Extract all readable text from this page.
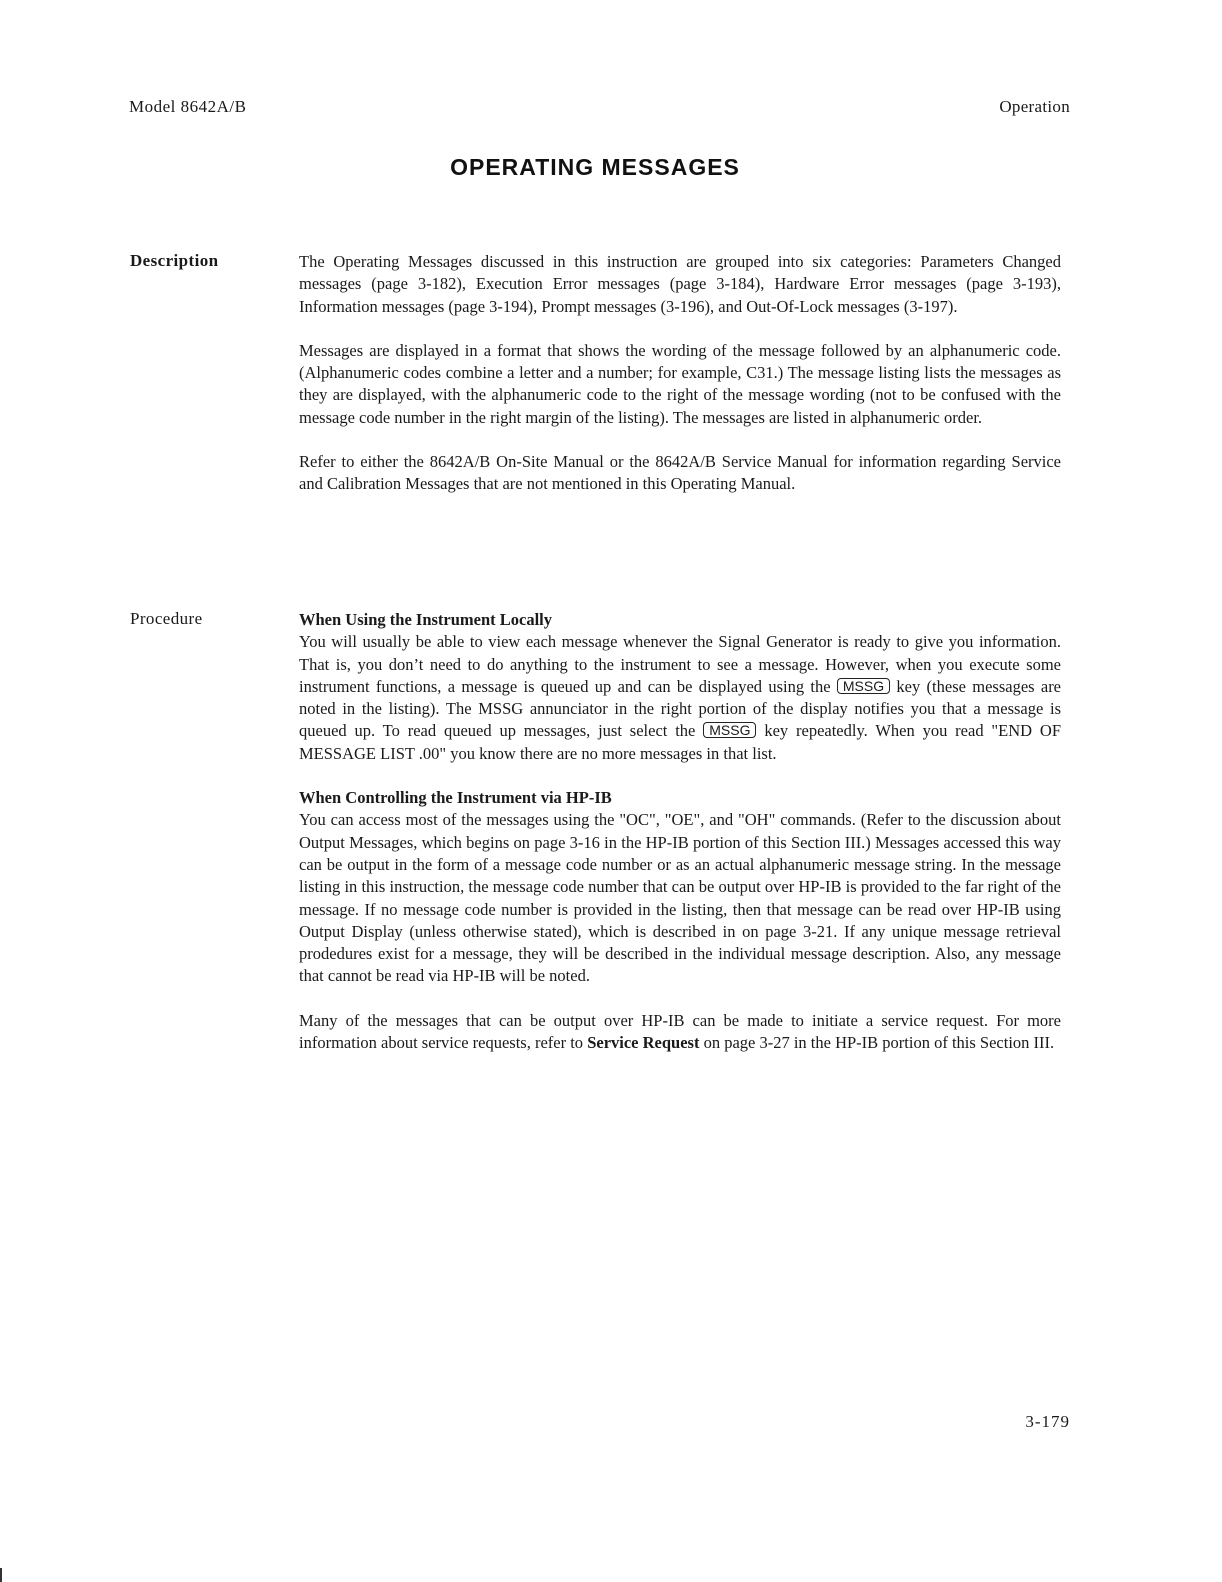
Model 8642A/B	Operation
OPERATING MESSAGES
Description	The Operating Messages discussed in this instruction are grouped into six categories: Parameters Changed messages (page 3-182), Execution Error messages (page 3-184), Hardware Error messages (page 3-193), Information messages (page 3-194), Prompt messages (3-196), and Out-Of-Lock messages (3-197).

Messages are displayed in a format that shows the wording of the message followed by an alphanumeric code. (Alphanumeric codes combine a letter and a number; for example, C31.) The message listing lists the messages as they are displayed, with the alphanumeric code to the right of the message wording (not to be confused with the message code number in the right margin of the listing). The messages are listed in alphanumeric order.

Refer to either the 8642A/B On-Site Manual or the 8642A/B Service Manual for information regarding Service and Calibration Messages that are not mentioned in this Operating Manual.

Procedure	When Using the Instrument Locally

You will usually be able to view each message whenever the Signal Generator is ready to give you information. That is, you don’t need to do anything to the instrument to see a message. However, when you execute some instrument functions, a message is queued up and can be displayed using the MSSG key (these messages are noted in the listing). The MSSG annunciator in the right portion of the display notifies you that a message is queued up. To read queued up messages, just select the MSSG key repeatedly. When you read "END OF MESSAGE LIST .00" you know there are no more messages in that list.

When Controlling the Instrument via HP-IB

You can access most of the messages using the "OC", "OE", and "OH" commands. (Refer to the discussion about Output Messages, which begins on page 3-16 in the HP-IB portion of this Section III.) Messages accessed this way can be output in the form of a message code number or as an actual alphanumeric message string. In the message listing in this instruction, the message code number that can be output over HP-IB is provided to the far right of the message. If no message code number is provided in the listing, then that message can be read over HP-IB using Output Display (unless otherwise stated), which is described in on page 3-21. If any unique message retrieval prodedures exist for a message, they will be described in the individual message description. Also, any message that cannot be read via HP-IB will be noted.

Many of the messages that can be output over HP-IB can be made to initiate a service request. For more information about service requests, refer to Service Request on page 3-27 in the HP-IB portion of this Section III.

3-179
